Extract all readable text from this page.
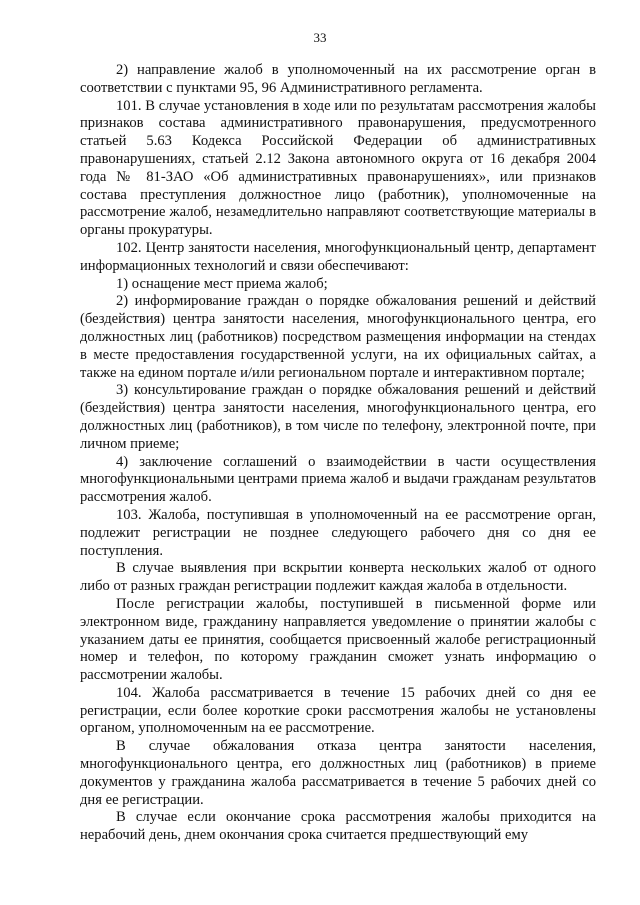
33

2) направление жалоб в уполномоченный на их рассмотрение орган в соответствии с пунктами 95, 96 Административного регламента.

101. В случае установления в ходе или по результатам рассмотрения жалобы признаков состава административного правонарушения, предусмотренного статьей 5.63 Кодекса Российской Федерации об административных правонарушениях, статьей 2.12 Закона автономного округа от 16 декабря 2004 года № 81-ЗАО «Об административных правонарушениях», или признаков состава преступления должностное лицо (работник), уполномоченные на рассмотрение жалоб, незамедлительно направляют соответствующие материалы в органы прокуратуры.

102. Центр занятости населения, многофункциональный центр, департамент информационных технологий и связи обеспечивают:

1) оснащение мест приема жалоб;

2) информирование граждан о порядке обжалования решений и действий (бездействия) центра занятости населения, многофункционального центра, его должностных лиц (работников) посредством размещения информации на стендах в месте предоставления государственной услуги, на их официальных сайтах, а также на едином портале и/или региональном портале и интерактивном портале;

3) консультирование граждан о порядке обжалования решений и действий (бездействия) центра занятости населения, многофункционального центра, его должностных лиц (работников), в том числе по телефону, электронной почте, при личном приеме;

4) заключение соглашений о взаимодействии в части осуществления многофункциональными центрами приема жалоб и выдачи гражданам результатов рассмотрения жалоб.

103. Жалоба, поступившая в уполномоченный на ее рассмотрение орган, подлежит регистрации не позднее следующего рабочего дня со дня ее поступления.

В случае выявления при вскрытии конверта нескольких жалоб от одного либо от разных граждан регистрации подлежит каждая жалоба в отдельности.

После регистрации жалобы, поступившей в письменной форме или электронном виде, гражданину направляется уведомление о принятии жалобы с указанием даты ее принятия, сообщается присвоенный жалобе регистрационный номер и телефон, по которому гражданин сможет узнать информацию о рассмотрении жалобы.

104. Жалоба рассматривается в течение 15 рабочих дней со дня ее регистрации, если более короткие сроки рассмотрения жалобы не установлены органом, уполномоченным на ее рассмотрение.

В случае обжалования отказа центра занятости населения, многофункционального центра, его должностных лиц (работников) в приеме документов у гражданина жалоба рассматривается в течение 5 рабочих дней со дня ее регистрации.

В случае если окончание срока рассмотрения жалобы приходится на нерабочий день, днем окончания срока считается предшествующий ему
